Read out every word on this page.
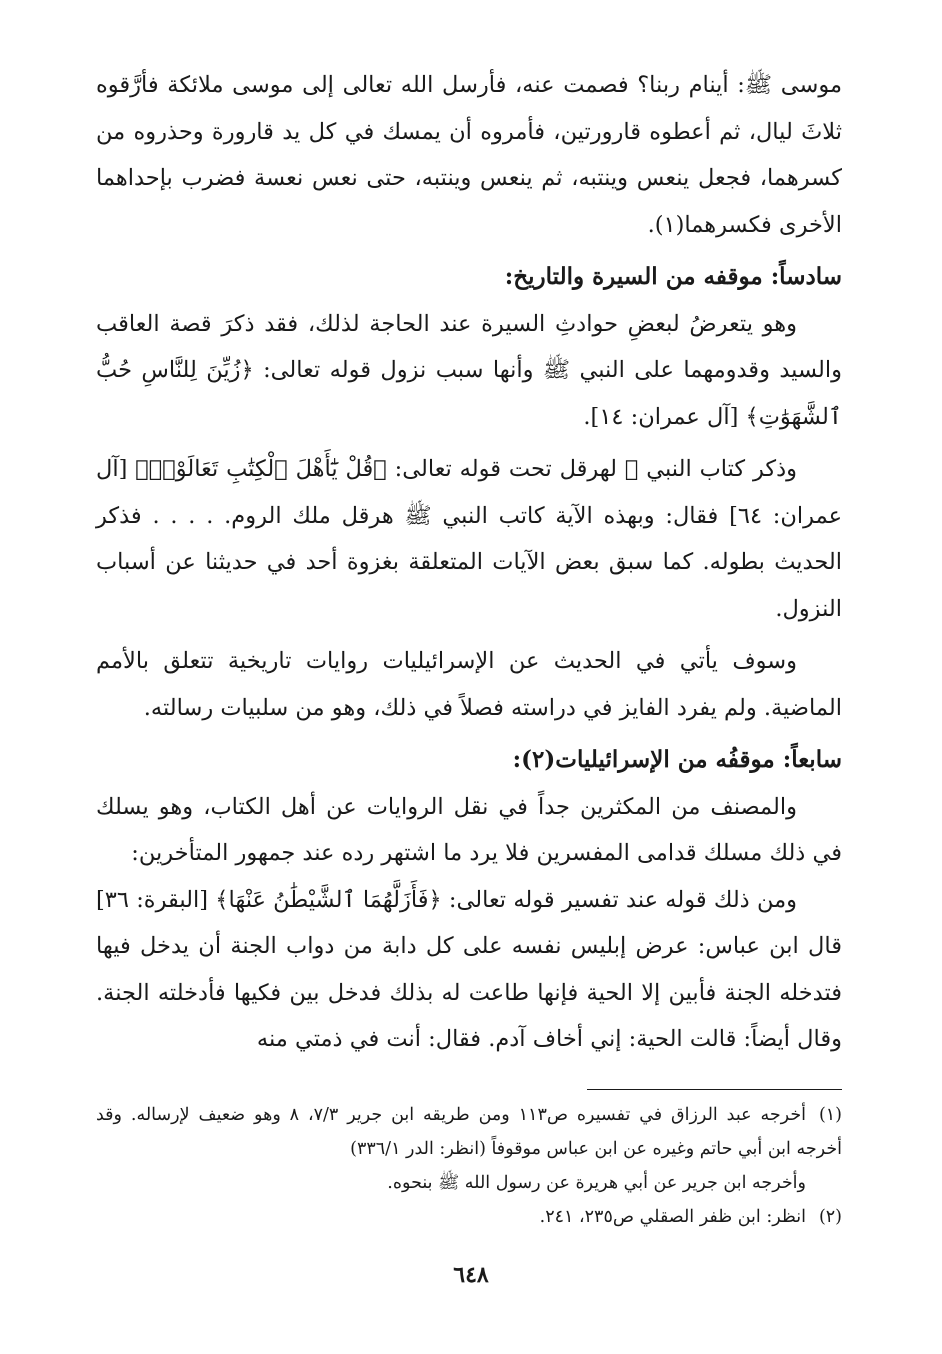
موسى ﷺ: أينام ربنا؟ فصمت عنه، فأرسل الله تعالى إلى موسى ملائكة فأرَّقوه ثلاثَ ليال، ثم أعطوه قارورتين، فأمروه أن يمسك في كل يد قارورة وحذروه من كسرهما، فجعل ينعس وينتبه، ثم ينعس وينتبه، حتى نعس نعسة فضرب بإحداهما الأخرى فكسرهما(١).

سادساً: موقفه من السيرة والتاريخ:

وهو يتعرضُ لبعضِ حوادثِ السيرة عند الحاجة لذلك، فقد ذكرَ قصة العاقب والسيد وقدومهما على النبي ﷺ وأنها سبب نزول قوله تعالى: ﴿زُيِّنَ لِلنَّاسِ حُبُّ ٱلشَّهَوَٰتِ﴾ [آل عمران: ١٤].

وذكر كتاب النبي ﷺ لهرقل تحت قوله تعالى: ﴿قُلْ يَٰٓأَهْلَ ٱلْكِتَٰبِ تَعَالَوْا۟﴾ [آل عمران: ٦٤] فقال: وبهذه الآية كاتب النبي ﷺ هرقل ملك الروم. . . . . فذكر الحديث بطوله. كما سبق بعض الآيات المتعلقة بغزوة أحد في حديثنا عن أسباب النزول.

وسوف يأتي في الحديث عن الإسرائيليات روايات تاريخية تتعلق بالأمم الماضية. ولم يفرد الفايز في دراسته فصلاً في ذلك، وهو من سلبيات رسالته.

سابعاً: موقفُه من الإسرائيليات(٢):

والمصنف من المكثرين جداً في نقل الروايات عن أهل الكتاب، وهو يسلك في ذلك مسلك قدامى المفسرين فلا يرد ما اشتهر رده عند جمهور المتأخرين:

ومن ذلك قوله عند تفسير قوله تعالى: ﴿فَأَزَلَّهُمَا ٱلشَّيْطَٰنُ عَنْهَا﴾ [البقرة: ٣٦] قال ابن عباس: عرض إبليس نفسه على كل دابة من دواب الجنة أن يدخل فيها فتدخله الجنة فأبين إلا الحية فإنها طاعت له بذلك فدخل بين فكيها فأدخلته الجنة. وقال أيضاً: قالت الحية: إني أخاف آدم. فقال: أنت في ذمتي منه

(١)أخرجه عبد الرزاق في تفسيره ص١١٣ ومن طريقه ابن جرير ٧/٣، ٨ وهو ضعيف لإرساله. وقد أخرجه ابن أبي حاتم وغيره عن ابن عباس موقوفاً (انظر: الدر ٣٣٦/١)

وأخرجه ابن جرير عن أبي هريرة عن رسول الله ﷺ بنحوه.

(٢)انظر: ابن ظفر الصقلي ص٢٣٥، ٢٤١.

٦٤٨
